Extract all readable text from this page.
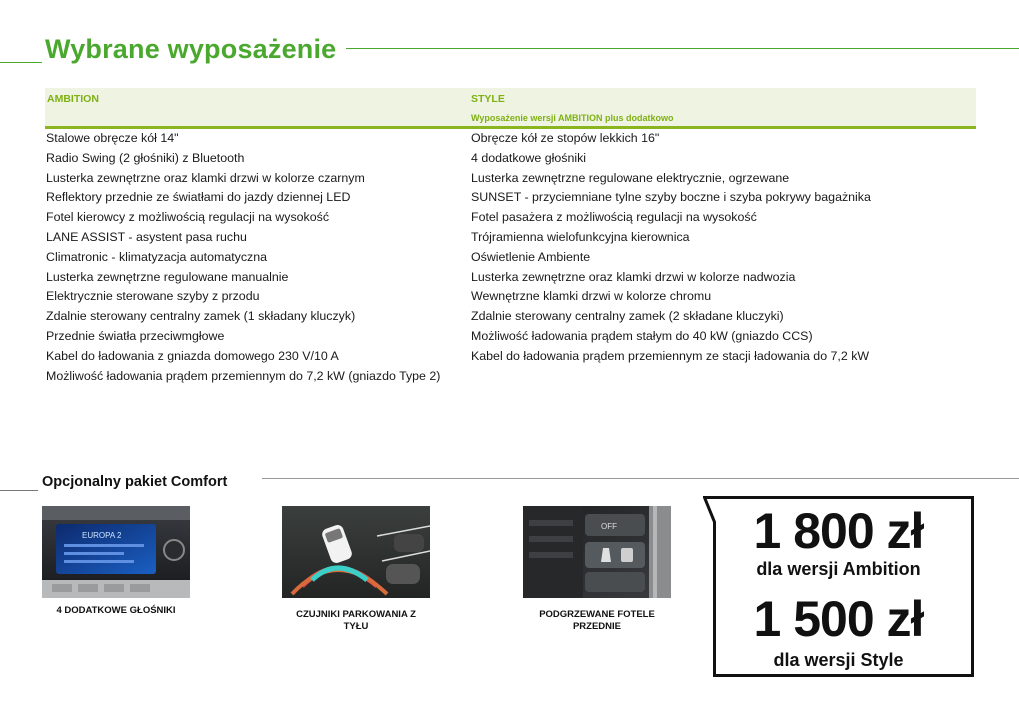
Wybrane wyposażenie
AMBITION	STYLE
Wyposażenie wersji AMBITION plus dodatkowo
Stalowe obręcze kół 14"
Radio Swing (2 głośniki) z Bluetooth
Lusterka zewnętrzne oraz klamki drzwi w kolorze czarnym
Reflektory przednie ze światłami do jazdy dziennej LED
Fotel kierowcy z możliwością regulacji na wysokość
LANE ASSIST - asystent pasa ruchu
Climatronic - klimatyzacja automatyczna
Lusterka zewnętrzne regulowane manualnie
Elektrycznie sterowane szyby z przodu
Zdalnie sterowany centralny zamek (1 składany kluczyk)
Przednie światła przeciwmgłowe
Kabel do ładowania z gniazda domowego 230 V/10 A
Możliwość ładowania prądem przemiennym do 7,2 kW (gniazdo Type 2)
Obręcze kół ze stopów lekkich 16"
4 dodatkowe głośniki
Lusterka zewnętrzne regulowane elektrycznie, ogrzewane
SUNSET - przyciemniane tylne szyby boczne i szyba pokrywy bagażnika
Fotel pasażera z możliwością regulacji na wysokość
Trójramienna wielofunkcyjna kierownica
Oświetlenie Ambiente
Lusterka zewnętrzne oraz klamki drzwi w kolorze nadwozia
Wewnętrzne klamki drzwi w kolorze chromu
Zdalnie sterowany centralny zamek (2 składane kluczyki)
Możliwość ładowania prądem stałym do 40 kW (gniazdo CCS)
Kabel do ładowania prądem przemiennym ze stacji ładowania do 7,2 kW
Opcjonalny pakiet Comfort
EUROPA 2
4 DODATKOWE GŁOŚNIKI	CZUJNIKI PARKOWANIA Z
TYŁU
OFF
PODGRZEWANE FOTELE
PRZEDNIE
1 800 zł
dla wersji Ambition
1 500 zł
dla wersji Style
